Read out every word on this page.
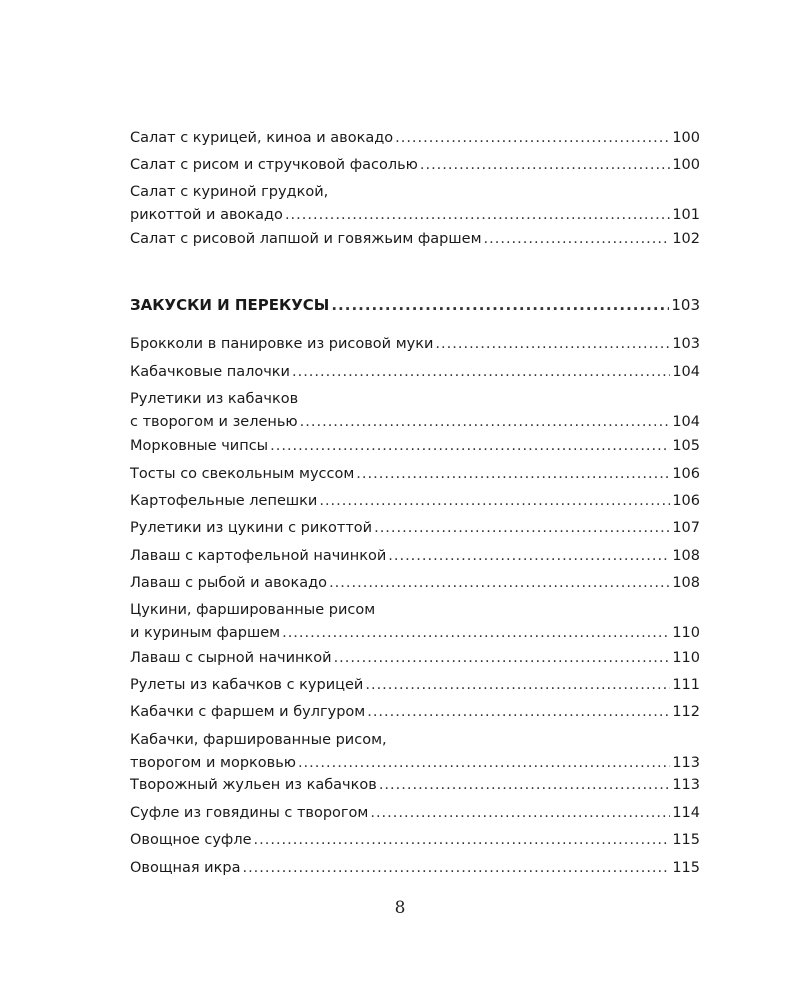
Салат с курицей, киноа и авокадо .....	100
Салат с рисом и стручковой фасолью .....	100
Салат с куриной грудкой,
рикоттой и авокадо .....	101
Салат с рисовой лапшой и говяжьим фаршем .....	102
ЗАКУСКИ И ПЕРЕКУСЫ .....	103
Брокколи в панировке из рисовой муки .....	103
Кабачковые палочки .....	104
Рулетики из кабачков
с творогом и зеленью .....	104
Морковные чипсы .....	105
Тосты со свекольным муссом .....	106
Картофельные лепешки .....	106
Рулетики из цукини с рикоттой .....	107
Лаваш с картофельной начинкой .....	108
Лаваш с рыбой и авокадо .....	108
Цукини, фаршированные рисом
и куриным фаршем .....	110
Лаваш с сырной начинкой .....	110
Рулеты из кабачков с курицей .....	111
Кабачки с фаршем и булгуром .....	112
Кабачки, фаршированные рисом,
творогом и морковью .....	113
Творожный жульен из кабачков .....	113
Суфле из говядины с творогом .....	114
Овощное суфле .....	115
Овощная икра .....	115
8
